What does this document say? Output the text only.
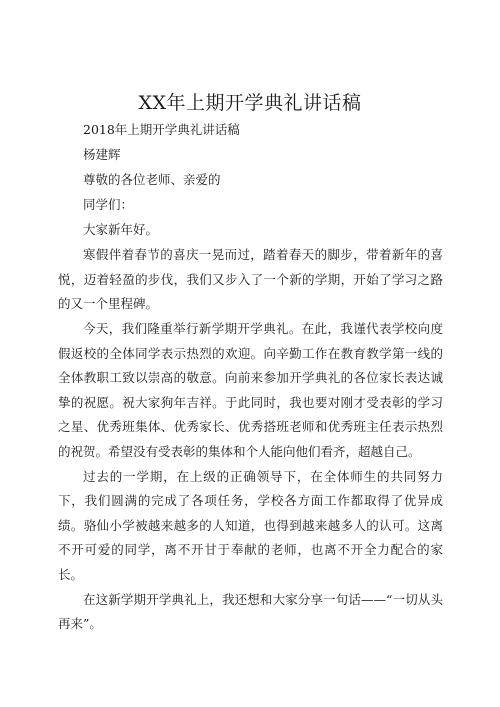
XX年上期开学典礼讲话稿

2018年上期开学典礼讲话稿

杨建辉

尊敬的各位老师、亲爱的

同学们：

大家新年好。

寒假伴着春节的喜庆一晃而过，踏着春天的脚步，带着新年的喜悦，迈着轻盈的步伐，我们又步入了一个新的学期，开始了学习之路的又一个里程碑。

今天，我们隆重举行新学期开学典礼。在此，我谨代表学校向度假返校的全体同学表示热烈的欢迎。向辛勤工作在教育教学第一线的全体教职工致以崇高的敬意。向前来参加开学典礼的各位家长表达诚挚的祝愿。祝大家狗年吉祥。于此同时，我也要对刚才受表彰的学习之星、优秀班集体、优秀家长、优秀搭班老师和优秀班主任表示热烈的祝贺。希望没有受表彰的集体和个人能向他们看齐，超越自己。

过去的一学期，在上级的正确领导下，在全体师生的共同努力下，我们圆满的完成了各项任务，学校各方面工作都取得了优异成绩。骆仙小学被越来越多的人知道，也得到越来越多人的认可。这离不开可爱的同学，离不开甘于奉献的老师，也离不开全力配合的家长。

在这新学期开学典礼上，我还想和大家分享一句话——“一切从头再来”。
